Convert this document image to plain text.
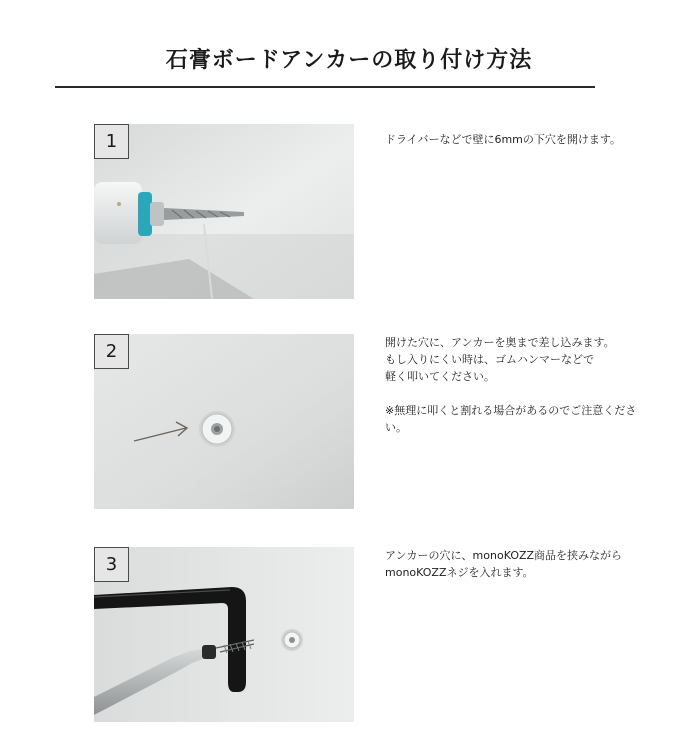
石膏ボードアンカーの取り付け方法
1	ドライバーなどで壁に6mmの下穴を開けます。

2	開けた穴に、アンカーを奥まで差し込みます。

もし入りにくい時は、ゴムハンマーなどで

軽く叩いてください。

※無理に叩くと割れる場合があるのでご注意ください。

3	アンカーの穴に、monoKOZZ商品を挟みながら

monoKOZZネジを入れます。
